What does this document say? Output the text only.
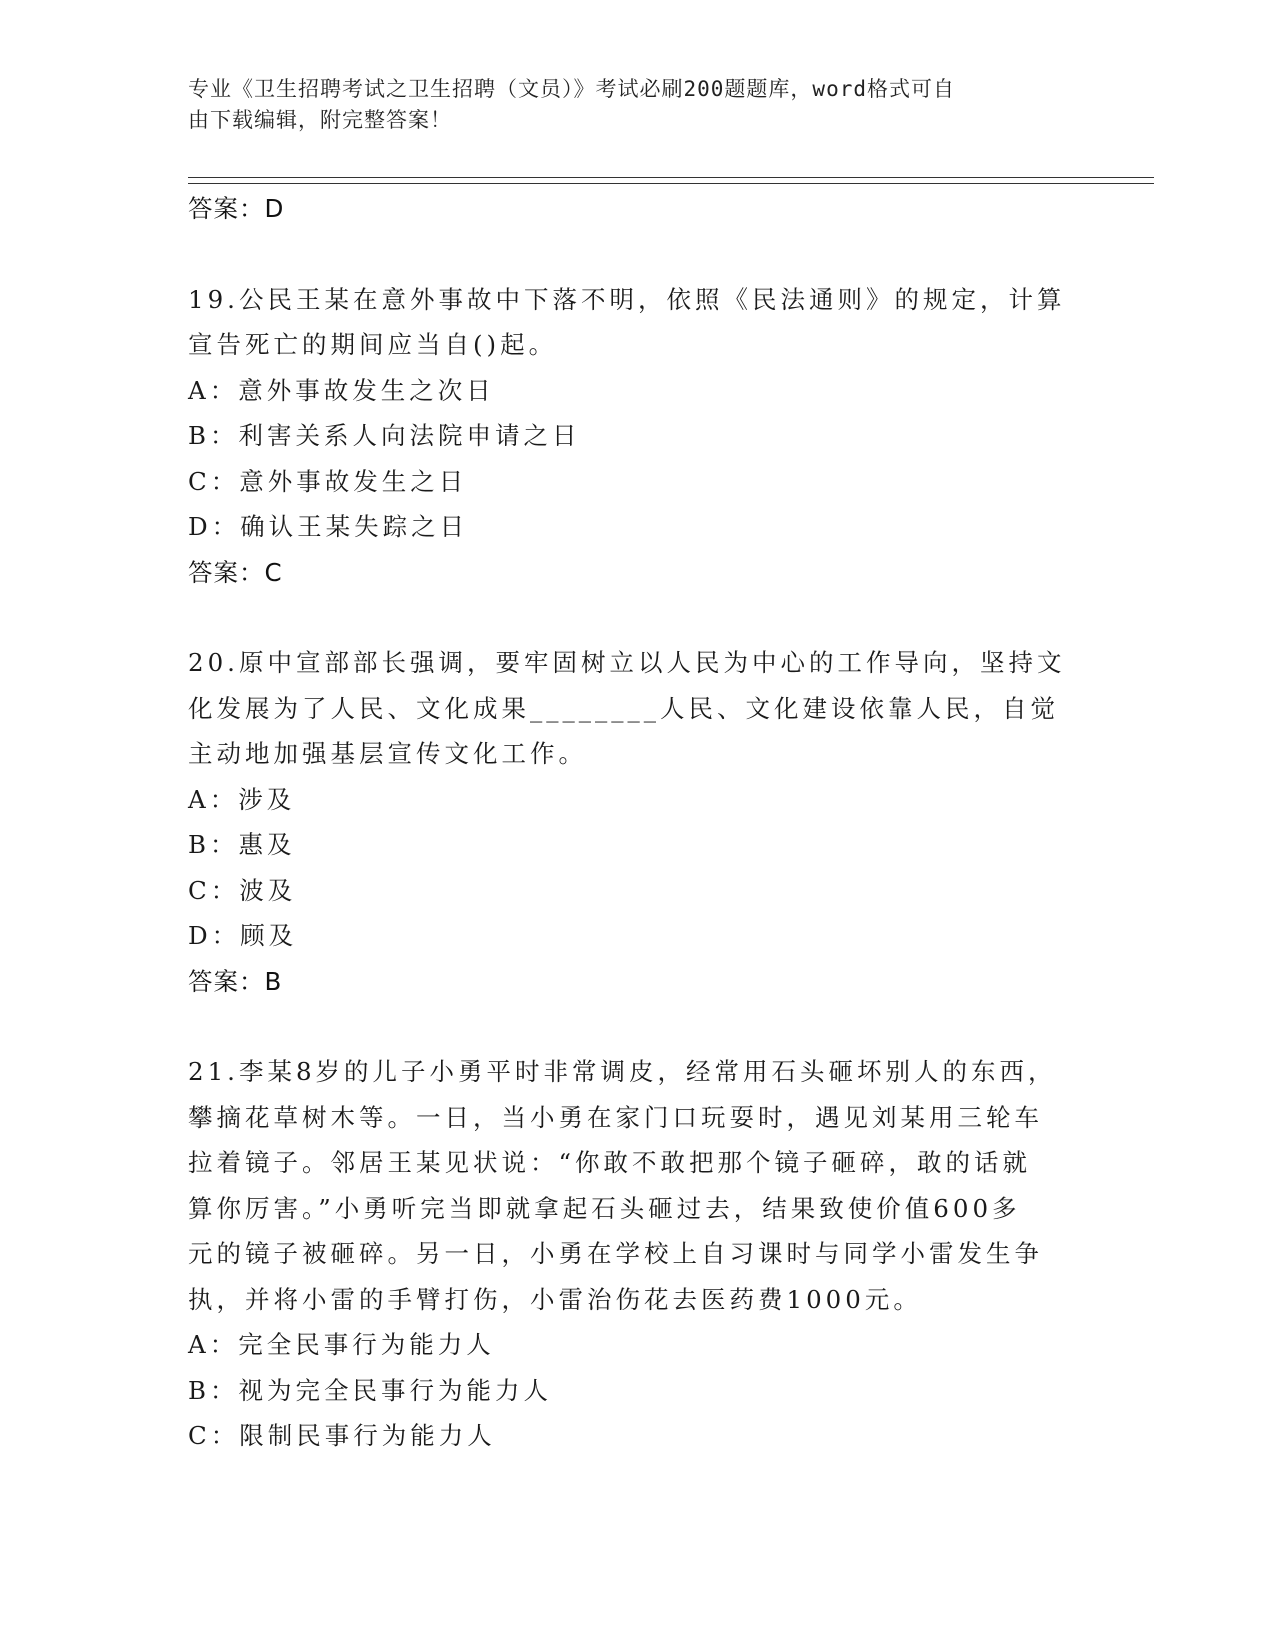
专业《卫生招聘考试之卫生招聘（文员）》考试必刷200题题库，word格式可自
由下载编辑，附完整答案！
答案：D
19.公民王某在意外事故中下落不明，依照《民法通则》的规定，计算
宣告死亡的期间应当自()起。
A：意外事故发生之次日
B：利害关系人向法院申请之日
C：意外事故发生之日
D：确认王某失踪之日
答案：C
20.原中宣部部长强调，要牢固树立以人民为中心的工作导向，坚持文
化发展为了人民、文化成果________人民、文化建设依靠人民，自觉
主动地加强基层宣传文化工作。
A：涉及
B：惠及
C：波及
D：顾及
答案：B
21.李某8岁的儿子小勇平时非常调皮，经常用石头砸坏别人的东西，
攀摘花草树木等。一日，当小勇在家门口玩耍时，遇见刘某用三轮车
拉着镜子。邻居王某见状说：“你敢不敢把那个镜子砸碎，敢的话就
算你厉害。”小勇听完当即就拿起石头砸过去，结果致使价值600多
元的镜子被砸碎。另一日，小勇在学校上自习课时与同学小雷发生争
执，并将小雷的手臂打伤，小雷治伤花去医药费1000元。
A：完全民事行为能力人
B：视为完全民事行为能力人
C：限制民事行为能力人
